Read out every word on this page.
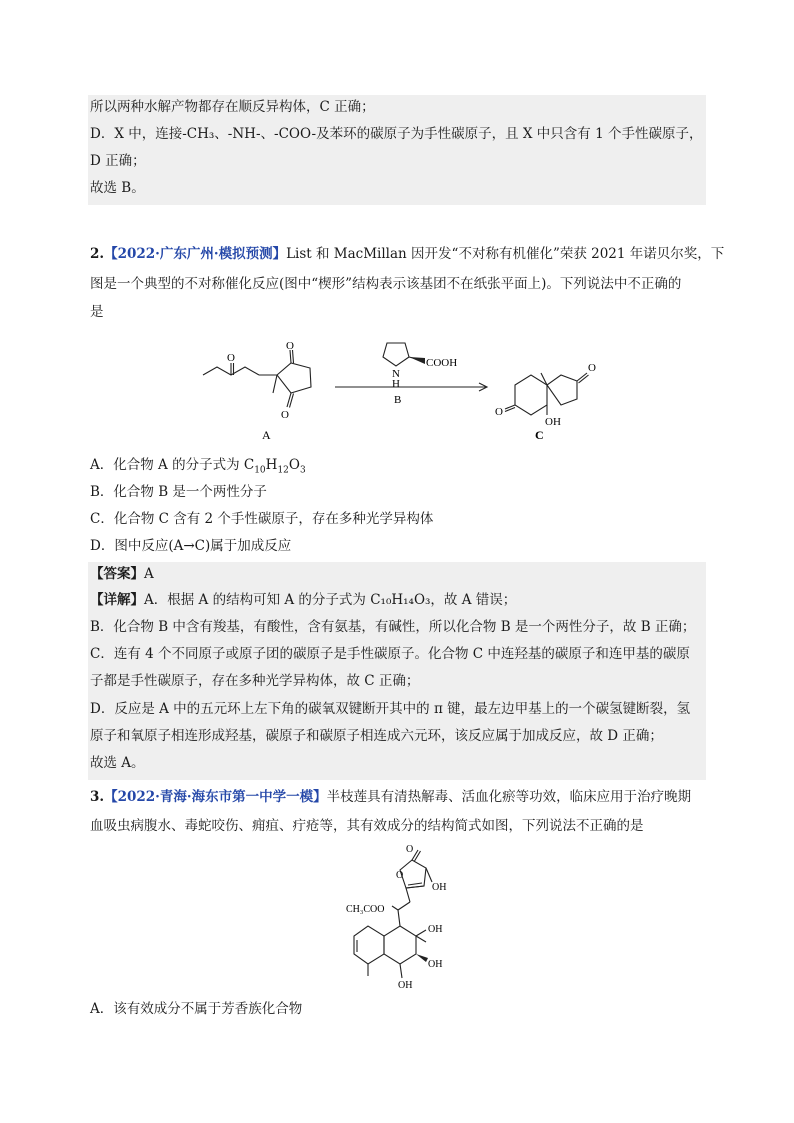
所以两种水解产物都存在顺反异构体，C 正确；
D．X 中，连接-CH₃、-NH-、-COO-及苯环的碳原子为手性碳原子，且 X 中只含有 1 个手性碳原子，
D 正确；
故选 B。
2.【2022·广东广州·模拟预测】List 和 MacMillan 因开发“不对称有机催化”荣获 2021 年诺贝尔奖，下
图是一个典型的不对称催化反应(图中“楔形”结构表示该基团不在纸张平面上)。下列说法中不正确的
是
O
O
O
A
N
H
COOH
B
O
O
OH
C
A．化合物 A 的分子式为 $C_{10}H_{12}O_3$
B．化合物 B 是一个两性分子
C．化合物 C 含有 2 个手性碳原子，存在多种光学异构体
D．图中反应(A→C)属于加成反应
【答案】A
【详解】A．根据 A 的结构可知 A 的分子式为 C₁₀H₁₄O₃，故 A 错误；
B．化合物 B 中含有羧基，有酸性，含有氨基，有碱性，所以化合物 B 是一个两性分子，故 B 正确；
C．连有 4 个不同原子或原子团的碳原子是手性碳原子。化合物 C 中连羟基的碳原子和连甲基的碳原
子都是手性碳原子，存在多种光学异构体，故 C 正确；
D．反应是 A 中的五元环上左下角的碳氧双键断开其中的 π 键，最左边甲基上的一个碳氢键断裂，氢
原子和氧原子相连形成羟基，碳原子和碳原子相连成六元环，该反应属于加成反应，故 D 正确；
故选 A。
3.【2022·青海·海东市第一中学一模】半枝莲具有清热解毒、活血化瘀等功效，临床应用于治疗晚期
血吸虫病腹水、毒蛇咬伤、痈疽、疔疮等，其有效成分的结构简式如图，下列说法不正确的是
O
O
OH
CH₃COO
OH
OH
OH
A．该有效成分不属于芳香族化合物
